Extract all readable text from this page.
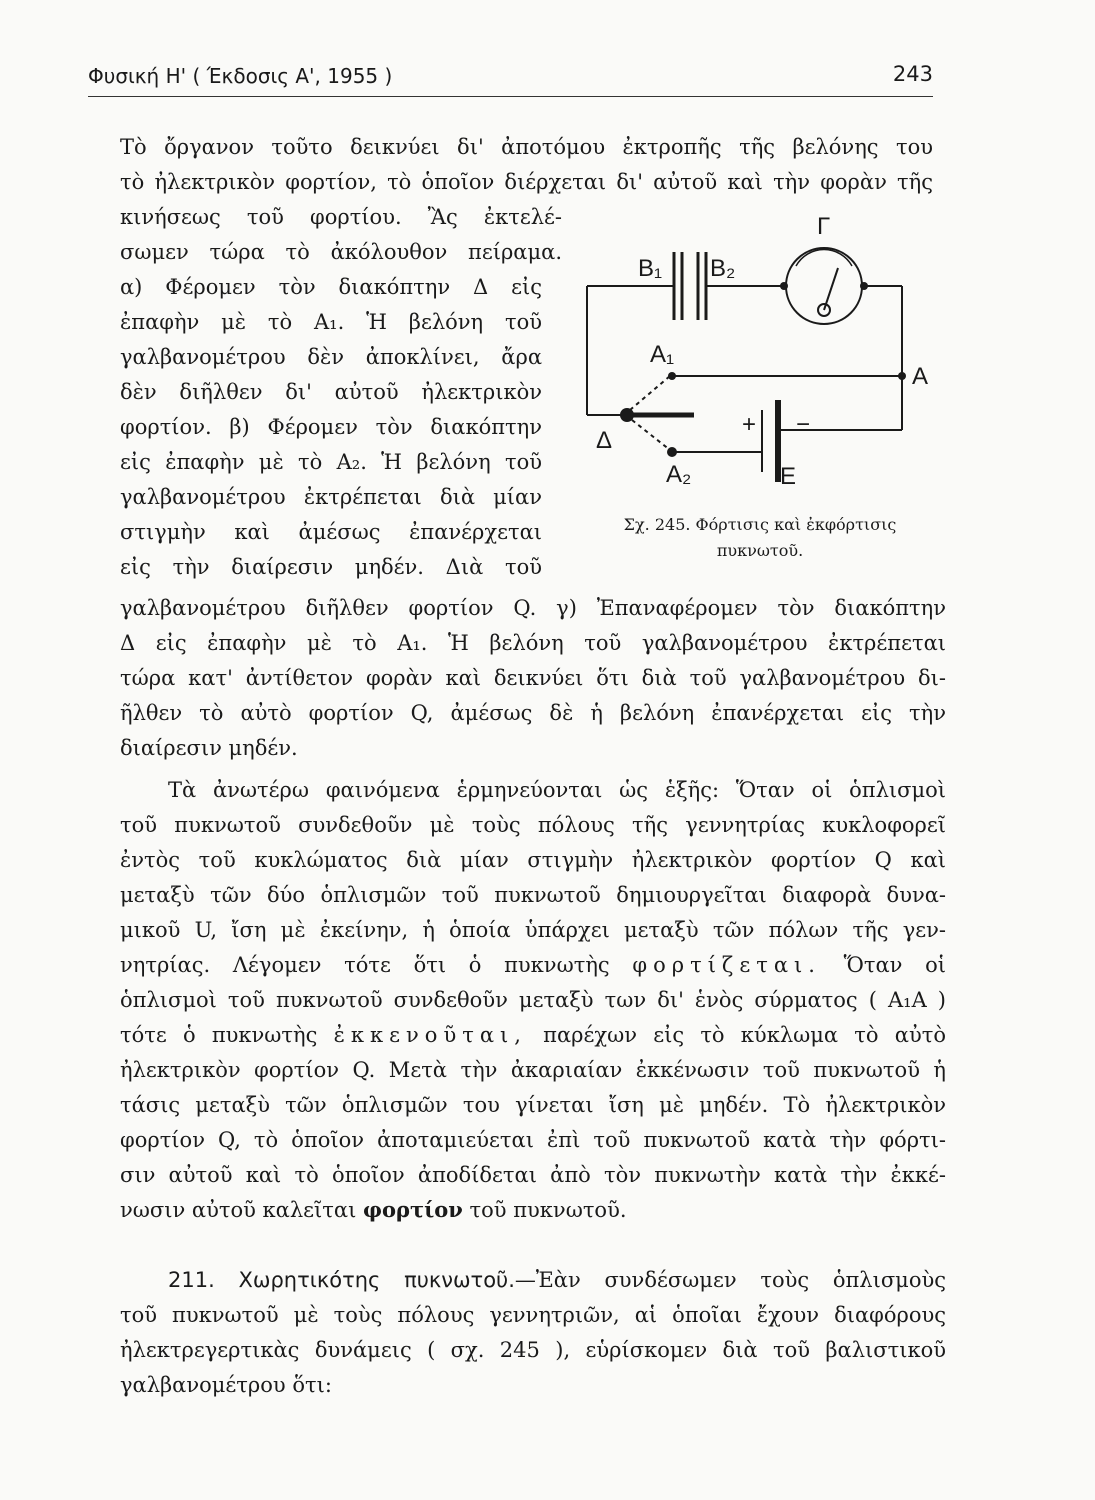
Φυσική Η' ( Έκδοσις Α', 1955 )	243
Τὸ ὄργανον τοῦτο δεικνύει δι' ἀποτόμου ἐκτροπῆς τῆς βελόνης του
τὸ ἠλεκτρικὸν φορτίον, τὸ ὁποῖον διέρχεται δι' αὐτοῦ καὶ τὴν φορὰν τῆς
κινήσεως τοῦ φορτίου. Ἂς ἐκτελέ-
σωμεν τώρα τὸ ἀκόλουθον πείραμα.
α) Φέρομεν τὸν διακόπτην Δ εἰς
ἐπαφὴν μὲ τὸ Α₁. Ἡ βελόνη τοῦ
γαλβανομέτρου δὲν ἀποκλίνει, ἄρα
δὲν διῆλθεν δι' αὐτοῦ ἠλεκτρικὸν
φορτίον. β) Φέρομεν τὸν διακόπτην
εἰς ἐπαφὴν μὲ τὸ Α₂. Ἡ βελόνη τοῦ
γαλβανομέτρου ἐκτρέπεται διὰ μίαν
στιγμὴν καὶ ἀμέσως ἐπανέρχεται
εἰς τὴν διαίρεσιν μηδέν. Διὰ τοῦ
γαλβανομέτρου διῆλθεν φορτίον Q. γ) Ἐπαναφέρομεν τὸν διακόπτην
Δ εἰς ἐπαφὴν μὲ τὸ Α₁. Ἡ βελόνη τοῦ γαλβανομέτρου ἐκτρέπεται
τώρα κατ' ἀντίθετον φορὰν καὶ δεικνύει ὅτι διὰ τοῦ γαλβανομέτρου δι-
ῆλθεν τὸ αὐτὸ φορτίον Q, ἀμέσως δὲ ἡ βελόνη ἐπανέρχεται εἰς τὴν
διαίρεσιν μηδέν.
Τὰ ἀνωτέρω φαινόμενα ἑρμηνεύονται ὡς ἑξῆς: Ὅταν οἱ ὁπλισμοὶ
τοῦ πυκνωτοῦ συνδεθοῦν μὲ τοὺς πόλους τῆς γεννητρίας κυκλοφορεῖ
ἐντὸς τοῦ κυκλώματος διὰ μίαν στιγμὴν ἠλεκτρικὸν φορτίον Q καὶ
μεταξὺ τῶν δύο ὁπλισμῶν τοῦ πυκνωτοῦ δημιουργεῖται διαφορὰ δυνα-
μικοῦ U, ἴση μὲ ἐκείνην, ἡ ὁποία ὑπάρχει μεταξὺ τῶν πόλων τῆς γεν-
νητρίας. Λέγομεν τότε ὅτι ὁ πυκνωτὴς φορτίζεται. Ὅταν οἱ
ὁπλισμοὶ τοῦ πυκνωτοῦ συνδεθοῦν μεταξὺ των δι' ἑνὸς σύρματος ( Α₁Α )
τότε ὁ πυκνωτὴς ἐκκενοῦται, παρέχων εἰς τὸ κύκλωμα τὸ αὐτὸ
ἠλεκτρικὸν φορτίον Q. Μετὰ τὴν ἀκαριαίαν ἐκκένωσιν τοῦ πυκνωτοῦ ἡ
τάσις μεταξὺ τῶν ὁπλισμῶν του γίνεται ἴση μὲ μηδέν. Τὸ ἠλεκτρικὸν
φορτίον Q, τὸ ὁποῖον ἀποταμιεύεται ἐπὶ τοῦ πυκνωτοῦ κατὰ τὴν φόρτι-
σιν αὐτοῦ καὶ τὸ ὁποῖον ἀποδίδεται ἀπὸ τὸν πυκνωτὴν κατὰ τὴν ἐκκέ-
νωσιν αὐτοῦ καλεῖται φορτίον τοῦ πυκνωτοῦ.
211. Χωρητικότης πυκνωτοῦ.—Ἐὰν συνδέσωμεν τοὺς ὁπλισμοὺς
τοῦ πυκνωτοῦ μὲ τοὺς πόλους γεννητριῶν, αἱ ὁποῖαι ἔχουν διαφόρους
ἠλεκτρεγερτικὰς δυνάμεις ( σχ. 245 ), εὑρίσκομεν διὰ τοῦ βαλιστικοῦ
γαλβανομέτρου ὅτι:
Γ
B₁ B₂
A₁
A
Δ
A₂	E
+ −
Σχ. 245. Φόρτισις καὶ ἐκφόρτισις
πυκνωτοῦ.
